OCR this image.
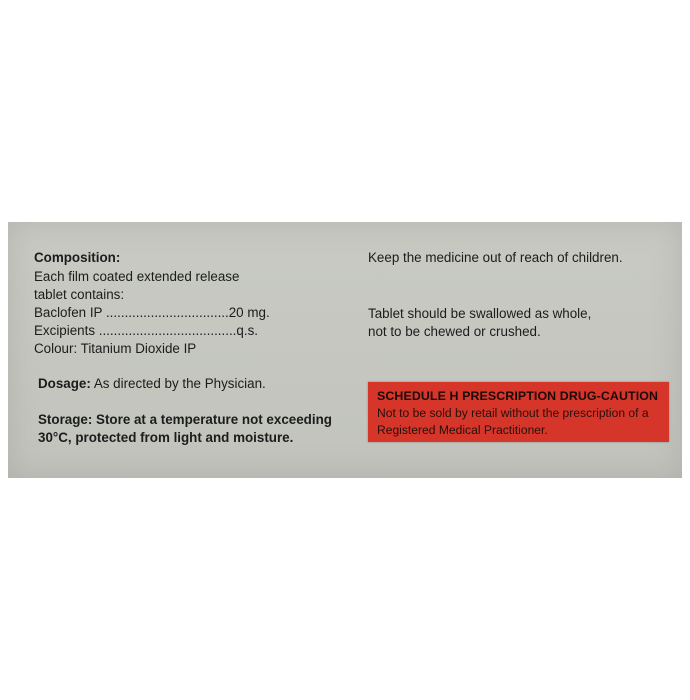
Composition:
Each film coated extended release
tablet contains:
Baclofen IP .................................20 mg.
Excipients .....................................q.s.
Colour: Titanium Dioxide IP
Dosage: As directed by the Physician.
Storage: Store at a temperature not exceeding
30°C, protected from light and moisture.
Keep the medicine out of reach of children.
Tablet should be swallowed as whole,
not to be chewed or crushed.
SCHEDULE H PRESCRIPTION DRUG-CAUTION
Not to be sold by retail without the prescription of a
Registered Medical Practitioner.
